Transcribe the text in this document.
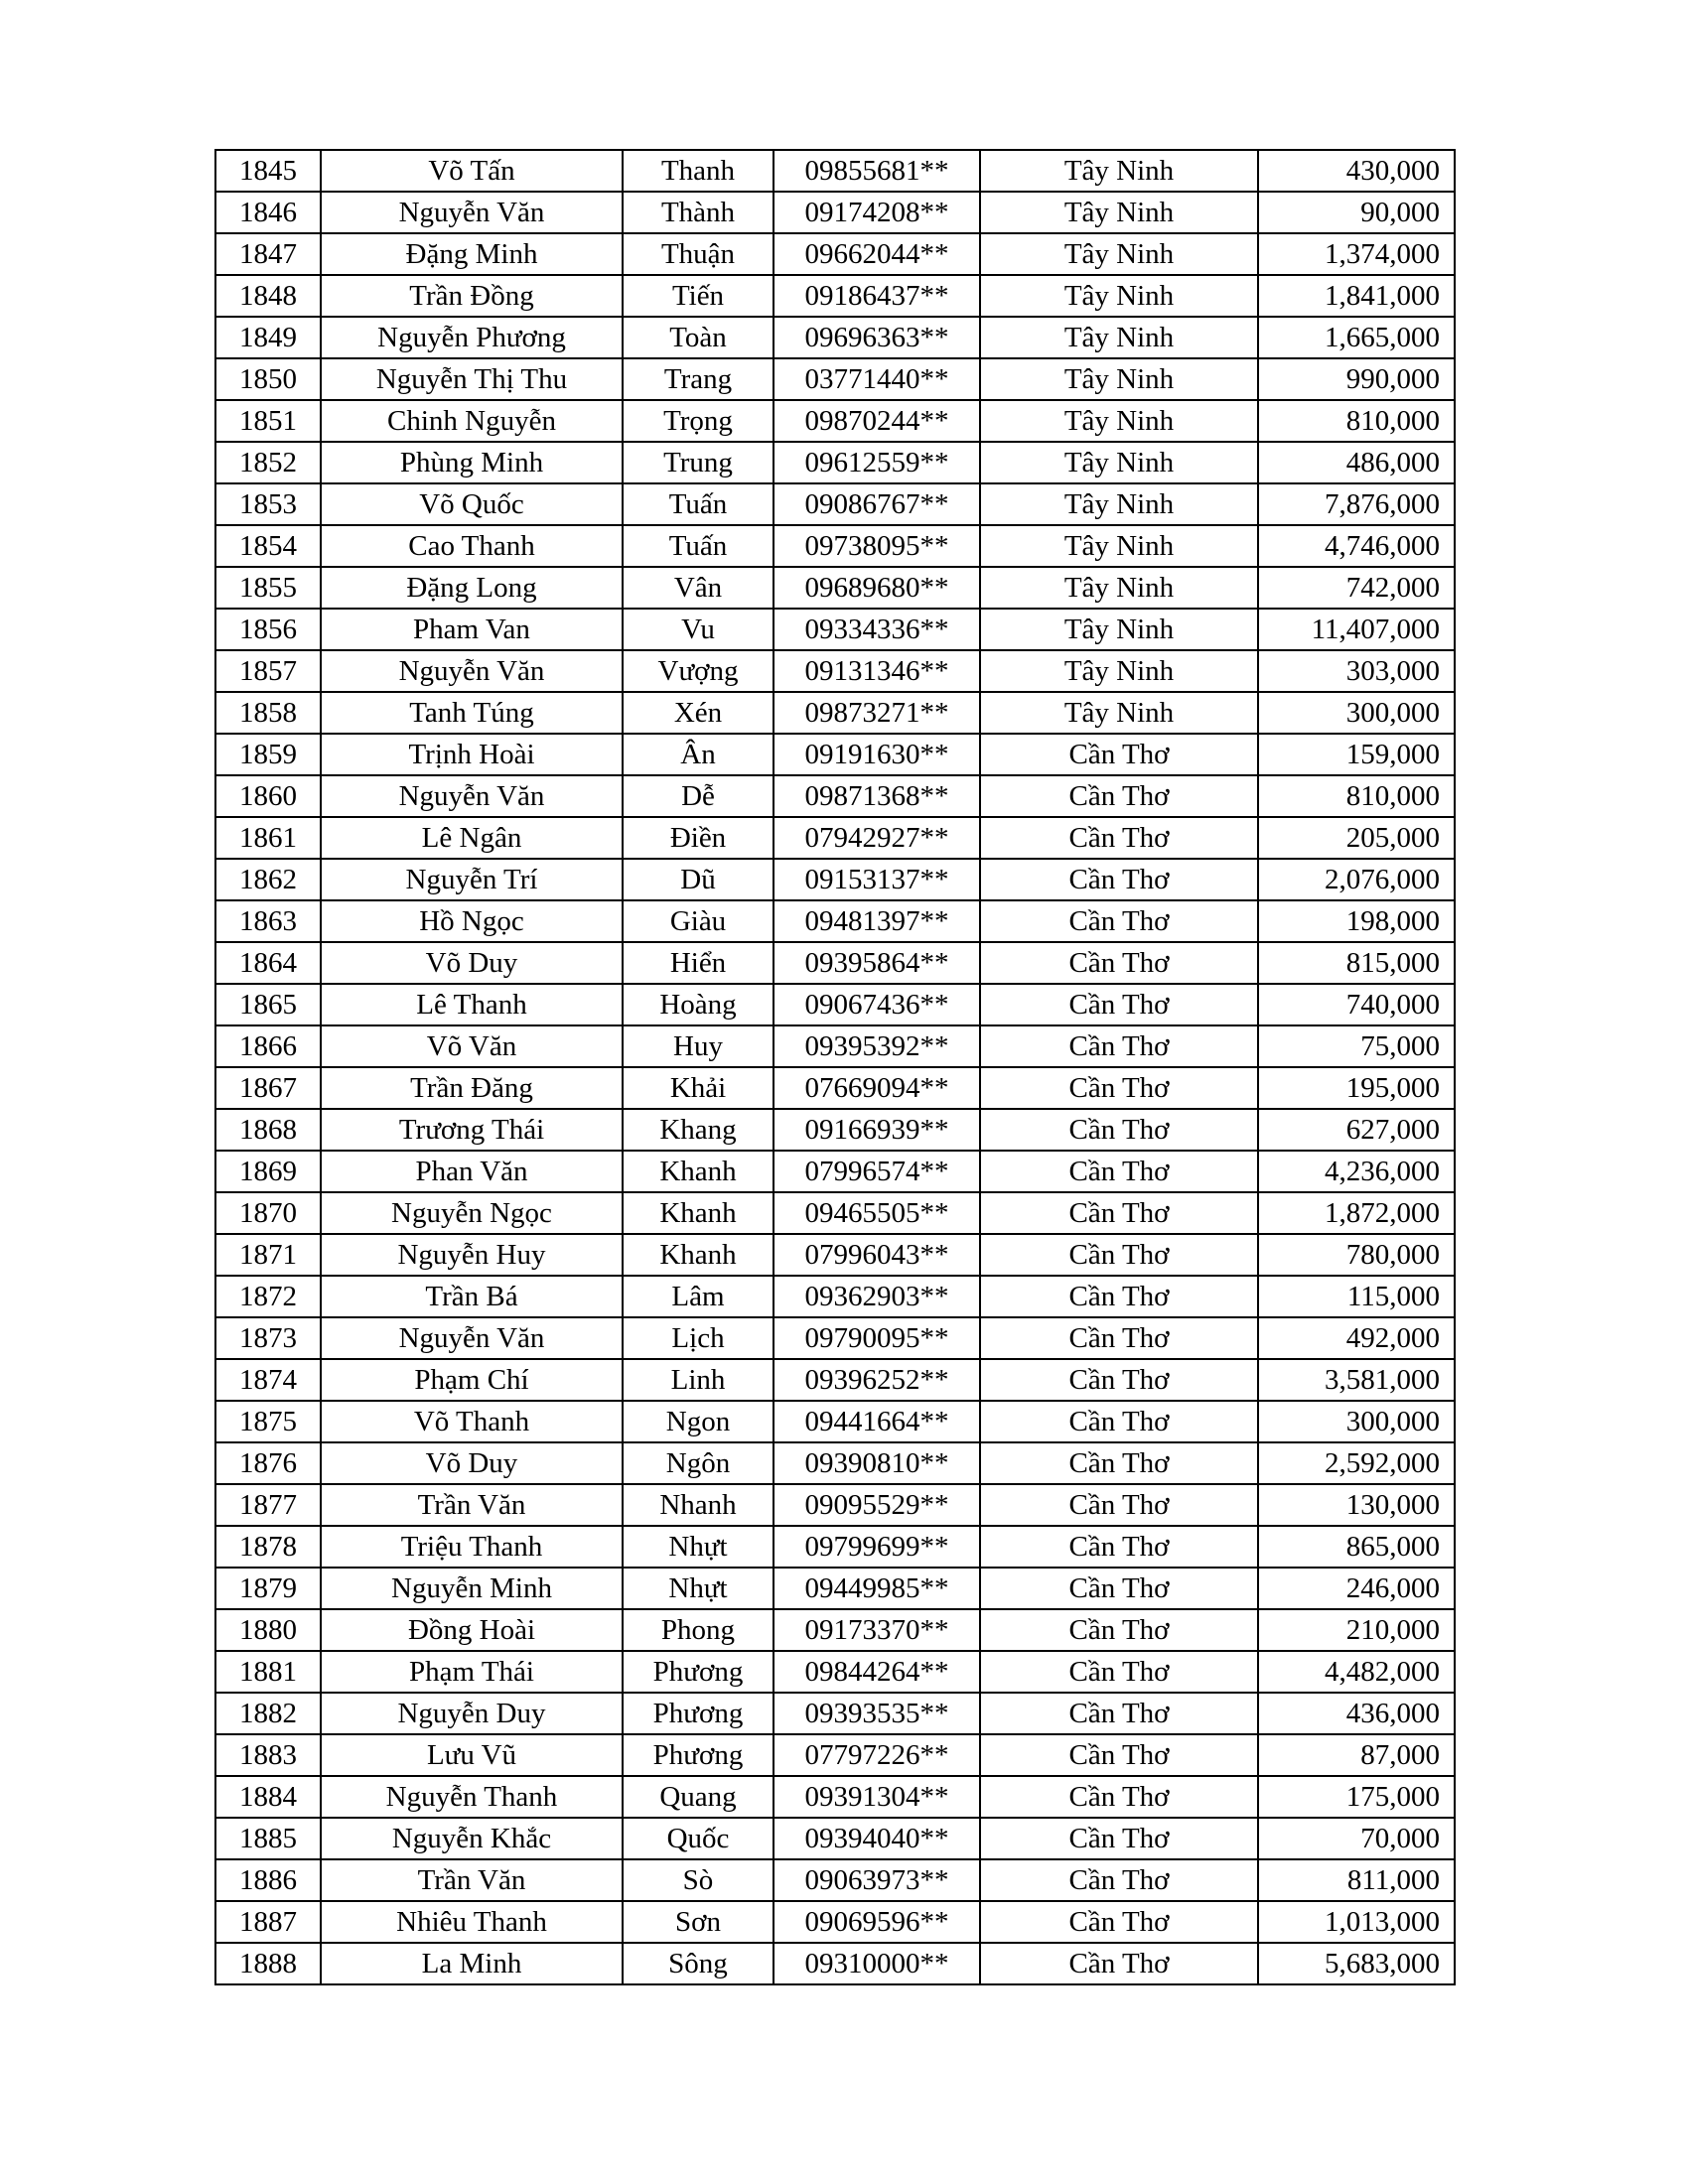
1845	Võ Tấn	Thanh	09855681**	Tây Ninh	430,000
1846	Nguyễn Văn	Thành	09174208**	Tây Ninh	90,000
1847	Đặng Minh	Thuận	09662044**	Tây Ninh	1,374,000
1848	Trần Đồng	Tiến	09186437**	Tây Ninh	1,841,000
1849	Nguyễn Phương	Toàn	09696363**	Tây Ninh	1,665,000
1850	Nguyễn Thị Thu	Trang	03771440**	Tây Ninh	990,000
1851	Chinh Nguyễn	Trọng	09870244**	Tây Ninh	810,000
1852	Phùng Minh	Trung	09612559**	Tây Ninh	486,000
1853	Võ Quốc	Tuấn	09086767**	Tây Ninh	7,876,000
1854	Cao Thanh	Tuấn	09738095**	Tây Ninh	4,746,000
1855	Đặng Long	Vân	09689680**	Tây Ninh	742,000
1856	Pham Van	Vu	09334336**	Tây Ninh	11,407,000
1857	Nguyễn Văn	Vượng	09131346**	Tây Ninh	303,000
1858	Tanh Túng	Xén	09873271**	Tây Ninh	300,000
1859	Trịnh Hoài	Ân	09191630**	Cần Thơ	159,000
1860	Nguyễn Văn	Dễ	09871368**	Cần Thơ	810,000
1861	Lê Ngân	Điền	07942927**	Cần Thơ	205,000
1862	Nguyễn Trí	Dũ	09153137**	Cần Thơ	2,076,000
1863	Hồ Ngọc	Giàu	09481397**	Cần Thơ	198,000
1864	Võ Duy	Hiển	09395864**	Cần Thơ	815,000
1865	Lê Thanh	Hoàng	09067436**	Cần Thơ	740,000
1866	Võ Văn	Huy	09395392**	Cần Thơ	75,000
1867	Trần Đăng	Khải	07669094**	Cần Thơ	195,000
1868	Trương Thái	Khang	09166939**	Cần Thơ	627,000
1869	Phan Văn	Khanh	07996574**	Cần Thơ	4,236,000
1870	Nguyễn Ngọc	Khanh	09465505**	Cần Thơ	1,872,000
1871	Nguyễn Huy	Khanh	07996043**	Cần Thơ	780,000
1872	Trần Bá	Lâm	09362903**	Cần Thơ	115,000
1873	Nguyễn Văn	Lịch	09790095**	Cần Thơ	492,000
1874	Phạm Chí	Linh	09396252**	Cần Thơ	3,581,000
1875	Võ Thanh	Ngon	09441664**	Cần Thơ	300,000
1876	Võ Duy	Ngôn	09390810**	Cần Thơ	2,592,000
1877	Trần Văn	Nhanh	09095529**	Cần Thơ	130,000
1878	Triệu Thanh	Nhựt	09799699**	Cần Thơ	865,000
1879	Nguyễn Minh	Nhựt	09449985**	Cần Thơ	246,000
1880	Đồng Hoài	Phong	09173370**	Cần Thơ	210,000
1881	Phạm Thái	Phương	09844264**	Cần Thơ	4,482,000
1882	Nguyễn Duy	Phương	09393535**	Cần Thơ	436,000
1883	Lưu Vũ	Phương	07797226**	Cần Thơ	87,000
1884	Nguyễn Thanh	Quang	09391304**	Cần Thơ	175,000
1885	Nguyễn Khắc	Quốc	09394040**	Cần Thơ	70,000
1886	Trần Văn	Sò	09063973**	Cần Thơ	811,000
1887	Nhiêu Thanh	Sơn	09069596**	Cần Thơ	1,013,000
1888	La Minh	Sông	09310000**	Cần Thơ	5,683,000
